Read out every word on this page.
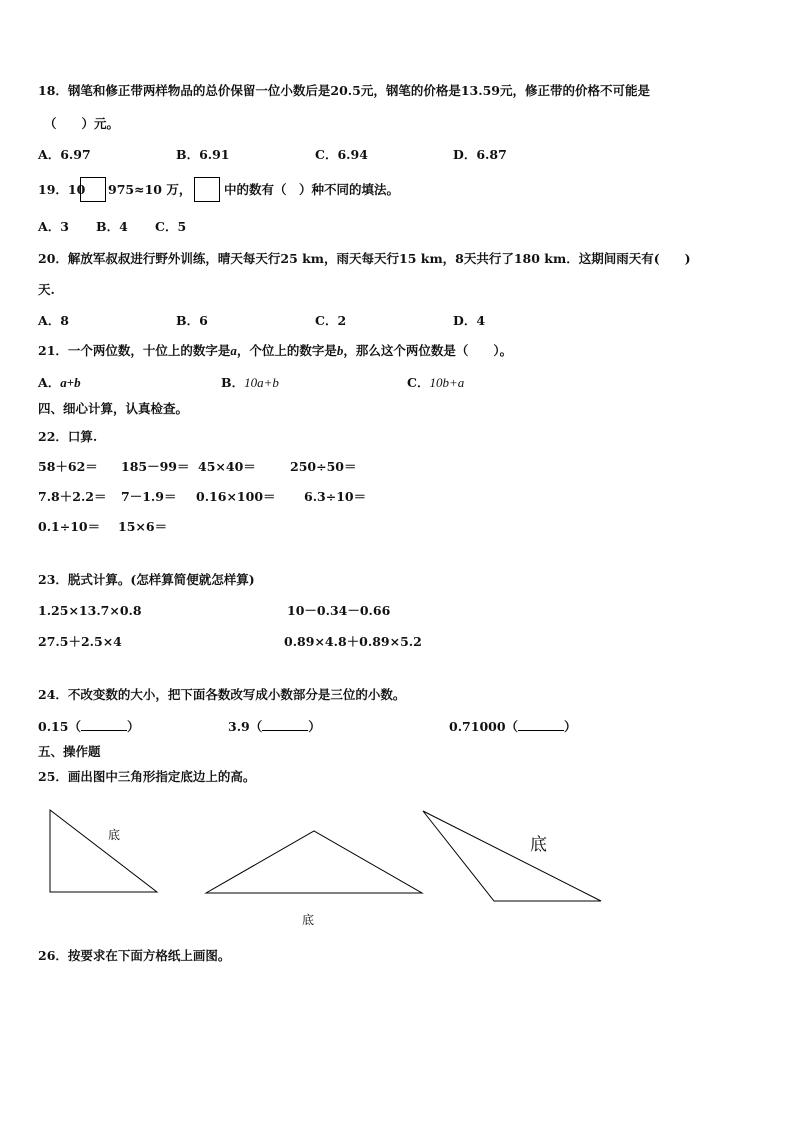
18．钢笔和修正带两样物品的总价保留一位小数后是20.5元，钢笔的价格是13.59元，修正带的价格不可能是
（　　）元。
A．6.97	B．6.91	C．6.94	D．6.87
19．10 975≈10 万，	中的数有（　）种不同的填法。
A．3 B．4 C．5
20．解放军叔叔进行野外训练，晴天每天行25 km，雨天每天行15 km，8天共行了180 km．这期间雨天有(　　)
天.
A．8	B．6	C．2	D．4
21．一个两位数，十位上的数字是a，个位上的数字是b，那么这个两位数是（　　）。
A．a+b	B．10a+b	C．10b+a
四、细心计算，认真检查。
22．口算.
58＋62＝ 185－99＝ 45×40＝	250÷50＝
7.8＋2.2＝ 7－1.9＝ 0.16×100＝ 6.3÷10＝
0.1÷10＝ 15×6＝
23．脱式计算。(怎样算简便就怎样算)
1.25×13.7×0.8	10－0.34－0.66
27.5＋2.5×4	0.89×4.8＋0.89×5.2
24．不改变数的大小，把下面各数改写成小数部分是三位的小数。
0.15（	）	3.9（	）	0.71000（	）
五、操作题
25．画出图中三角形指定底边上的高。
底
底
底
26．按要求在下面方格纸上画图。
